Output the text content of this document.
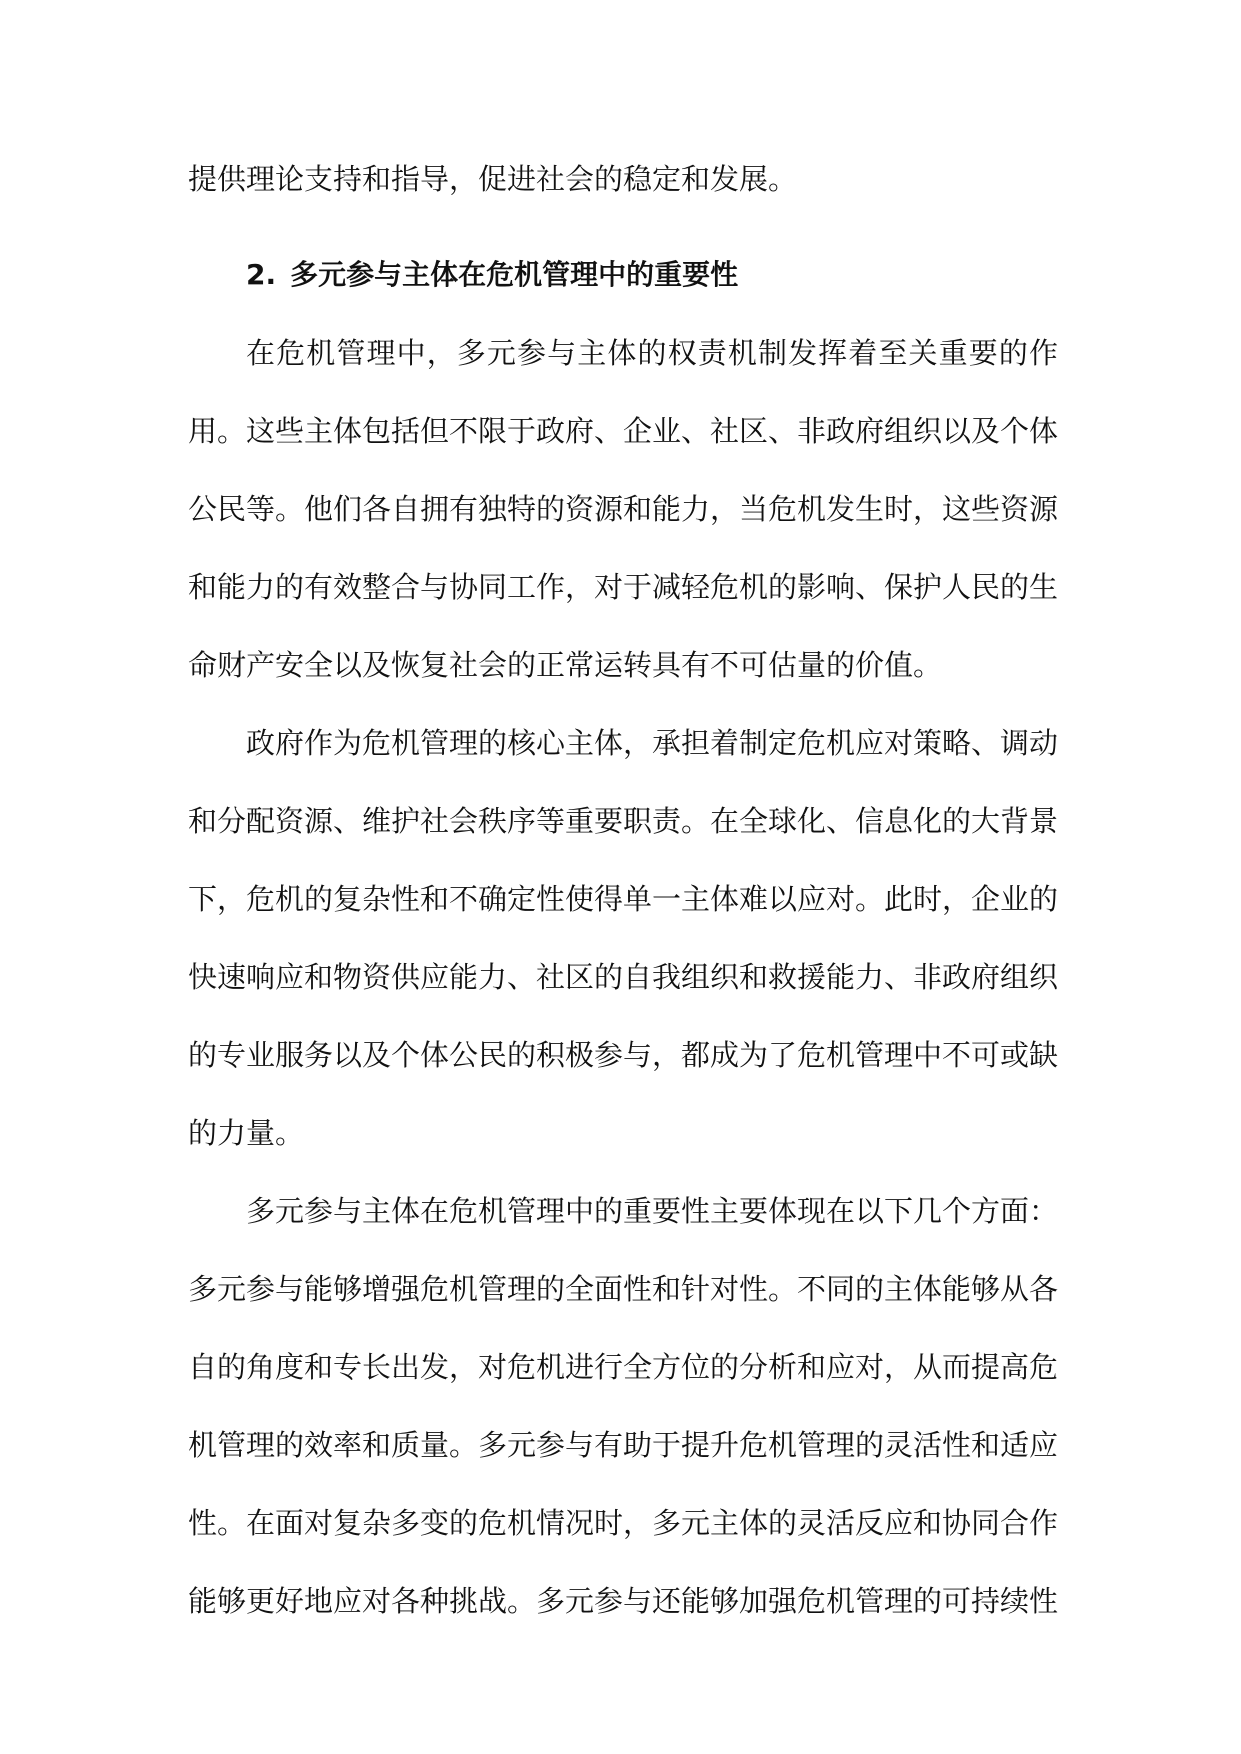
提供理论支持和指导，促进社会的稳定和发展。

2. 多元参与主体在危机管理中的重要性

在危机管理中，多元参与主体的权责机制发挥着至关重要的作用。这些主体包括但不限于政府、企业、社区、非政府组织以及个体公民等。他们各自拥有独特的资源和能力，当危机发生时，这些资源和能力的有效整合与协同工作，对于减轻危机的影响、保护人民的生命财产安全以及恢复社会的正常运转具有不可估量的价值。

政府作为危机管理的核心主体，承担着制定危机应对策略、调动和分配资源、维护社会秩序等重要职责。在全球化、信息化的大背景下，危机的复杂性和不确定性使得单一主体难以应对。此时，企业的快速响应和物资供应能力、社区的自我组织和救援能力、非政府组织的专业服务以及个体公民的积极参与，都成为了危机管理中不可或缺的力量。

多元参与主体在危机管理中的重要性主要体现在以下几个方面：多元参与能够增强危机管理的全面性和针对性。不同的主体能够从各自的角度和专长出发，对危机进行全方位的分析和应对，从而提高危机管理的效率和质量。多元参与有助于提升危机管理的灵活性和适应性。在面对复杂多变的危机情况时，多元主体的灵活反应和协同合作能够更好地应对各种挑战。多元参与还能够加强危机管理的可持续性
